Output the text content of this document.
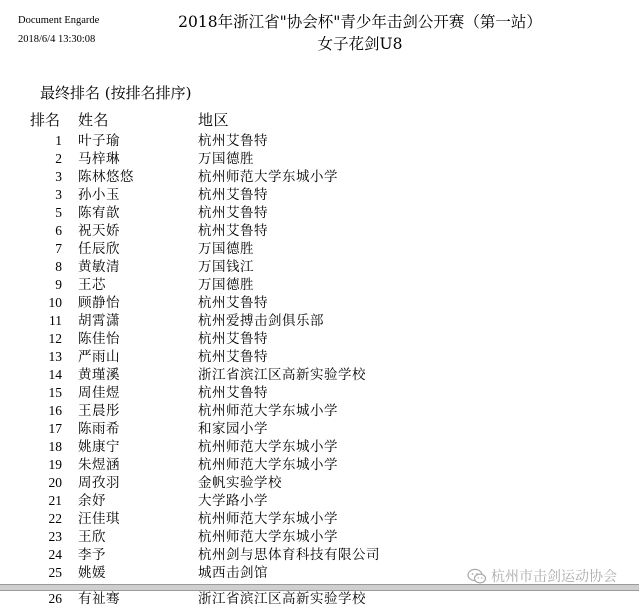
Document Engarde
2018/6/4 13:30:08
2018年浙江省"协会杯"青少年击剑公开赛（第一站）
女子花剑U8
最终排名 (按排名排序)
排名 姓名	地区
1 叶子瑜	杭州艾鲁特
2 马梓琳	万国德胜
3 陈林悠悠	杭州师范大学东城小学
3 孙小玉	杭州艾鲁特
5 陈宥歆	杭州艾鲁特
6 祝天娇	杭州艾鲁特
7 任辰欣	万国德胜
8 黄敏清	万国钱江
9 王芯	万国德胜
10 顾静怡	杭州艾鲁特
11 胡霄潇	杭州爱搏击剑俱乐部
12 陈佳怡	杭州艾鲁特
13 严雨山	杭州艾鲁特
14 黄瑾溪	浙江省滨江区高新实验学校
15 周佳煜	杭州艾鲁特
16 王晨彤	杭州师范大学东城小学
17 陈雨希	和家园小学
18 姚康宁	杭州师范大学东城小学
19 朱煜涵	杭州师范大学东城小学
20 周孜羽	金帆实验学校
21 余妤	大学路小学
22 汪佳琪	杭州师范大学东城小学
23 王欣	杭州师范大学东城小学
24 李予	杭州剑与思体育科技有限公司
25 姚媛	城西击剑馆
26 有祉骞	浙江省滨江区高新实验学校
杭州市击剑运动协会
